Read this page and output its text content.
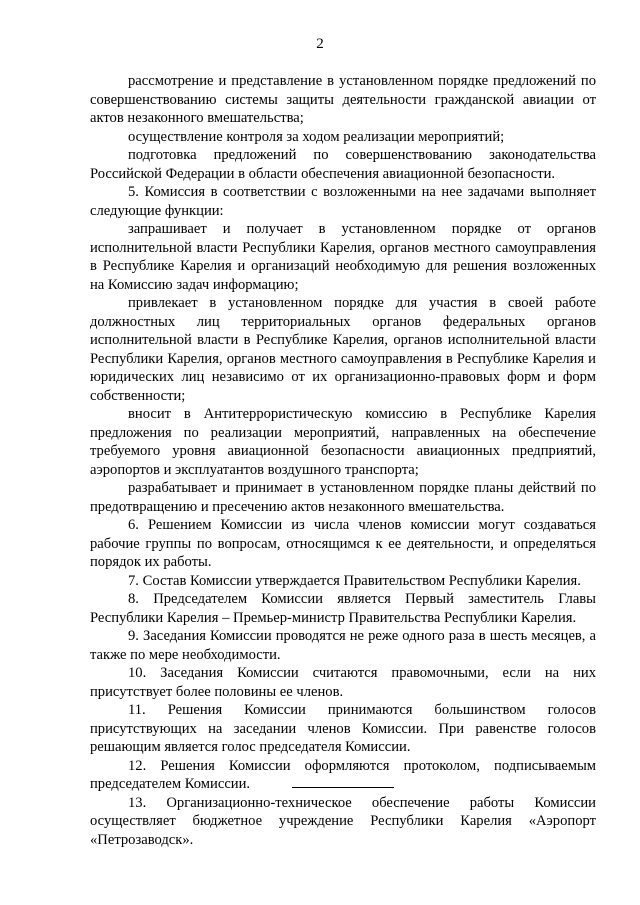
2

рассмотрение и представление в установленном порядке предложений по совершенствованию системы защиты деятельности гражданской авиации от актов незаконного вмешательства;

осуществление контроля за ходом реализации мероприятий;

подготовка предложений по совершенствованию законодательства Российской Федерации в области обеспечения авиационной безопасности.

5. Комиссия в соответствии с возложенными на нее задачами выполняет следующие функции:

запрашивает и получает в установленном порядке от органов исполнительной власти Республики Карелия, органов местного самоуправления в Республике Карелия и организаций необходимую для решения возложенных на Комиссию задач информацию;

привлекает в установленном порядке для участия в своей работе должностных лиц территориальных органов федеральных органов исполнительной власти в Республике Карелия, органов исполнительной власти Республики Карелия, органов местного самоуправления в Республике Карелия и юридических лиц независимо от их организационно-правовых форм и форм собственности;

вносит в Антитеррористическую комиссию в Республике Карелия предложения по реализации мероприятий, направленных на обеспечение требуемого уровня авиационной безопасности авиационных предприятий, аэропортов и эксплуатантов воздушного транспорта;

разрабатывает и принимает в установленном порядке планы действий по предотвращению и пресечению актов незаконного вмешательства.

6. Решением Комиссии из числа членов комиссии могут создаваться рабочие группы по вопросам, относящимся к ее деятельности, и определяться порядок их работы.

7. Состав Комиссии утверждается Правительством Республики Карелия.

8. Председателем Комиссии является Первый заместитель Главы Республики Карелия – Премьер-министр Правительства Республики Карелия.

9. Заседания Комиссии проводятся не реже одного раза в шесть месяцев, а также по мере необходимости.

10. Заседания Комиссии считаются правомочными, если на них присутствует более половины ее членов.

11. Решения Комиссии принимаются большинством голосов присутствующих на заседании членов Комиссии. При равенстве голосов решающим является голос председателя Комиссии.

12. Решения Комиссии оформляются протоколом, подписываемым председателем Комиссии.

13. Организационно-техническое обеспечение работы Комиссии осуществляет бюджетное учреждение Республики Карелия «Аэропорт «Петрозаводск».
